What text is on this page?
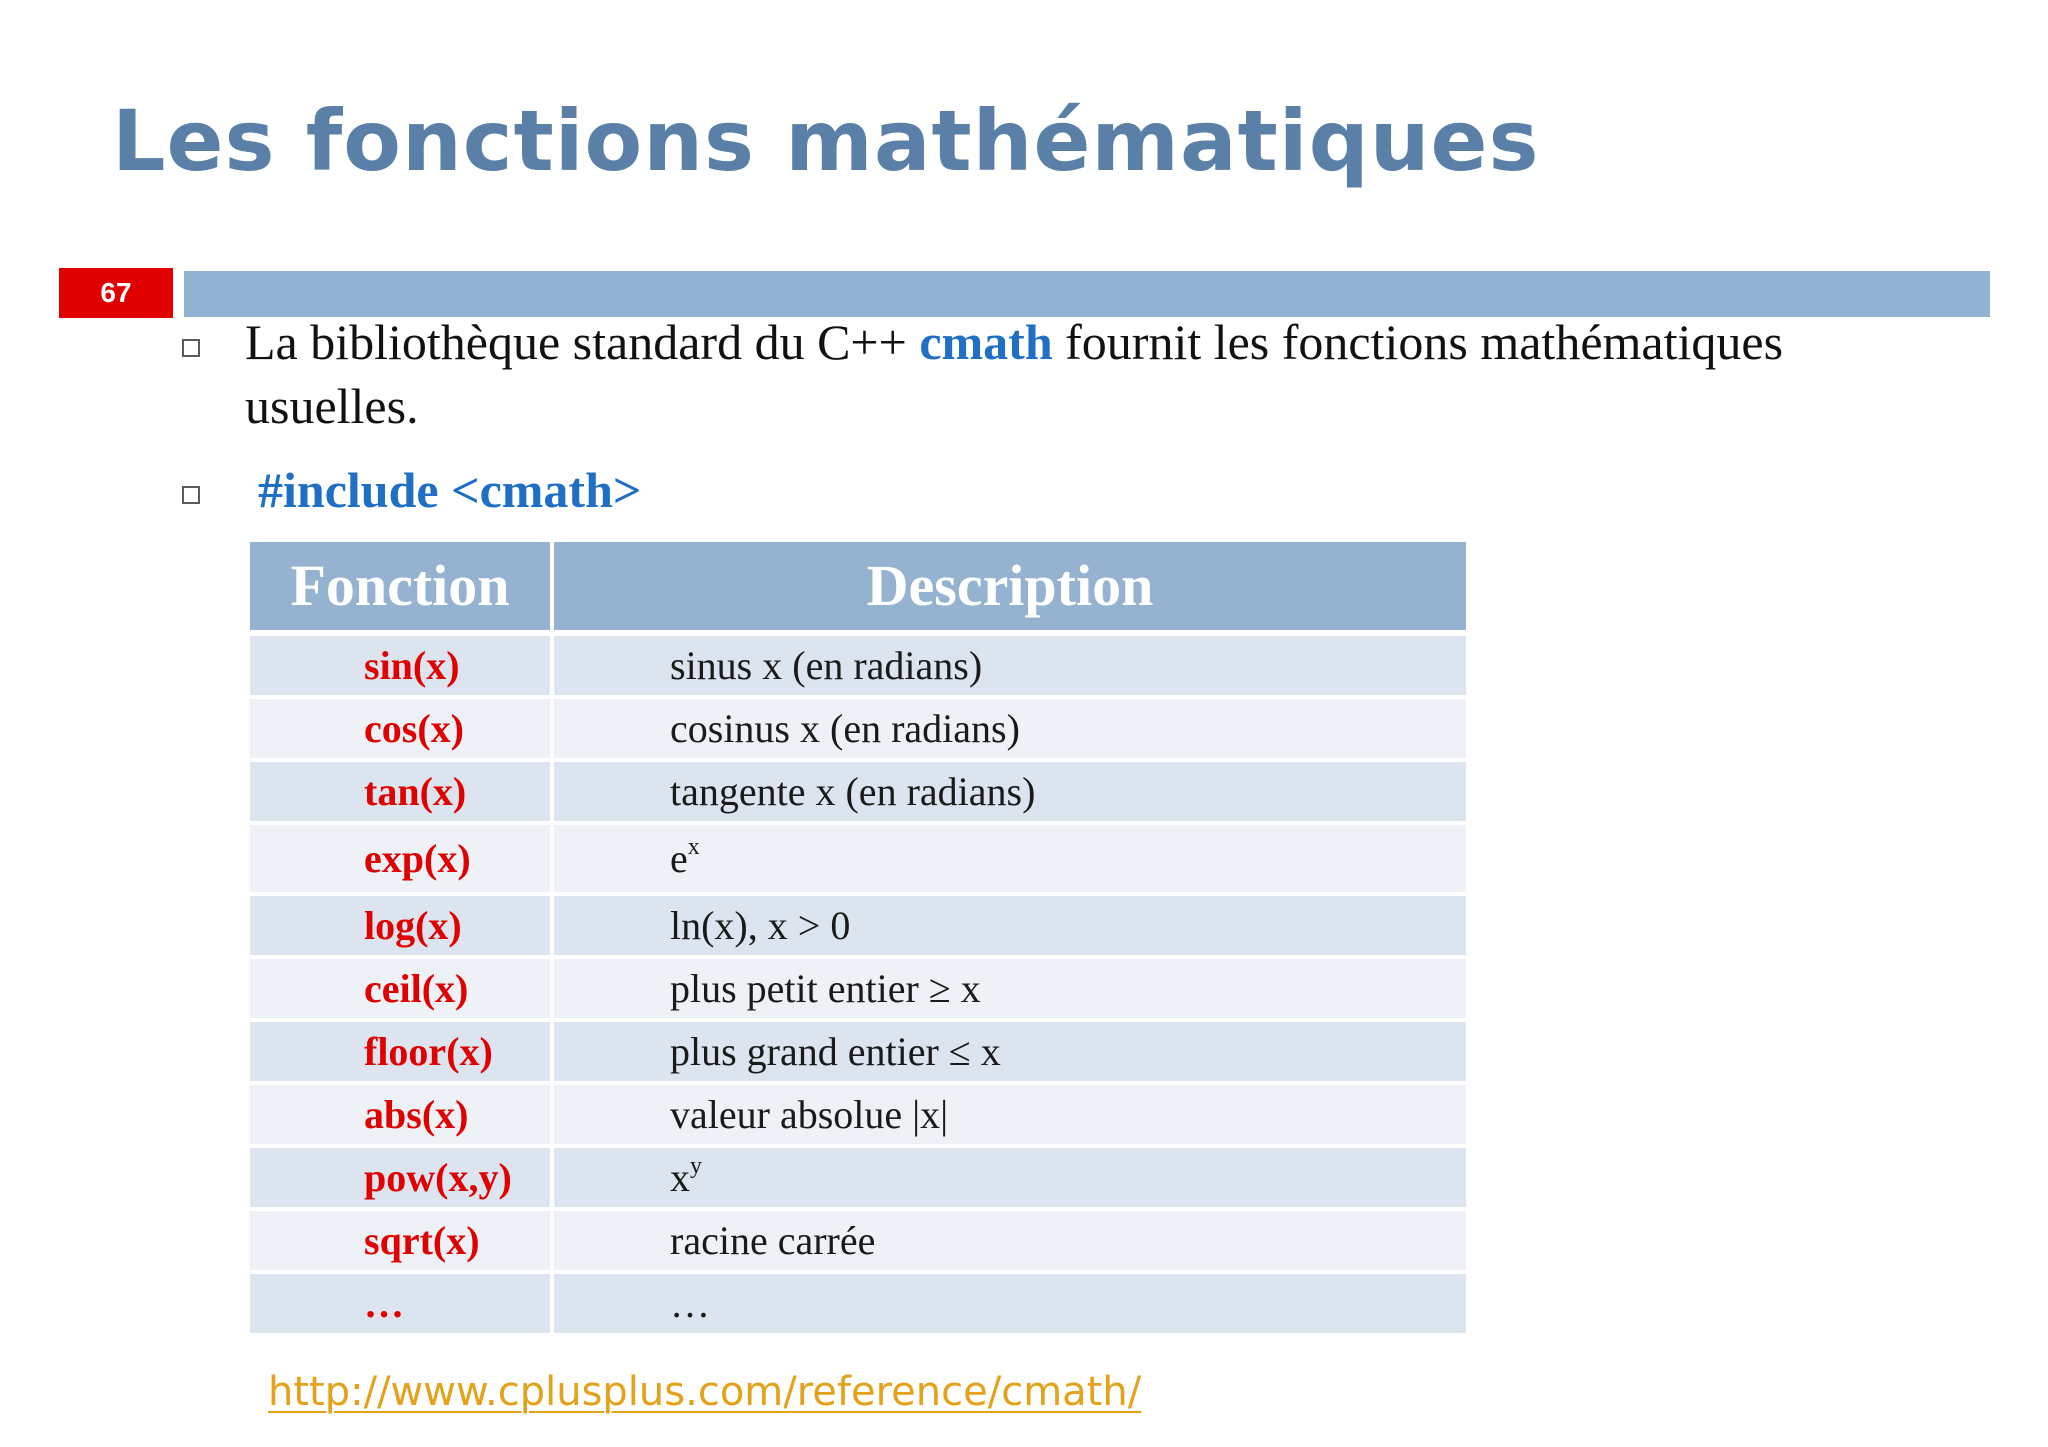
Les fonctions mathématiques
67
La bibliothèque standard du C++ cmath fournit les fonctions mathématiques usuelles.
#include <cmath>
Fonction	Description
sin(x)	sinus x (en radians)
cos(x)	cosinus x (en radians)
tan(x)	tangente x (en radians)
exp(x)	$e^x$
log(x)	ln(x), x > 0
ceil(x)	plus petit entier ≥ x
floor(x)	plus grand entier ≤ x
abs(x)	valeur absolue |x|
pow(x,y)	$x^y$
sqrt(x)	racine carrée
…	…
http://www.cplusplus.com/reference/cmath/
